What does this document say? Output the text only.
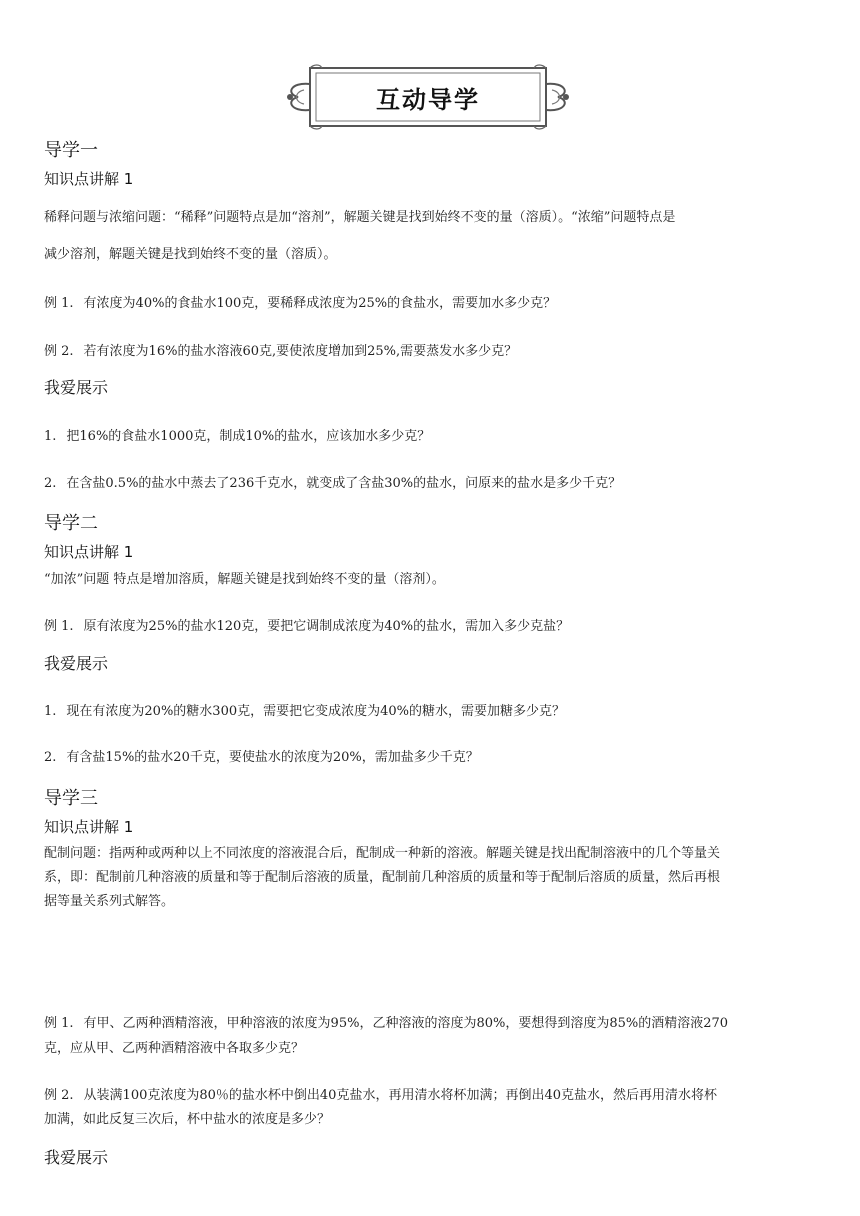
互动导学
导学一
知识点讲解 1
稀释问题与浓缩问题：“稀释”问题特点是加“溶剂”，解题关键是找到始终不变的量（溶质）。“浓缩”问题特点是
减少溶剂，解题关键是找到始终不变的量（溶质）。
例 1. 有浓度为40%的食盐水100克，要稀释成浓度为25%的食盐水，需要加水多少克？
例 2. 若有浓度为16%的盐水溶液60克,要使浓度增加到25%,需要蒸发水多少克？
我爱展示
1. 把16%的食盐水1000克，制成10%的盐水，应该加水多少克？
2. 在含盐0.5%的盐水中蒸去了236千克水，就变成了含盐30%的盐水，问原来的盐水是多少千克？
导学二
知识点讲解 1
“加浓”问题 特点是增加溶质，解题关键是找到始终不变的量（溶剂）。
例 1. 原有浓度为25%的盐水120克，要把它调制成浓度为40%的盐水，需加入多少克盐？
我爱展示
1. 现在有浓度为20%的糖水300克，需要把它变成浓度为40%的糖水，需要加糖多少克？
2. 有含盐15%的盐水20千克，要使盐水的浓度为20%，需加盐多少千克？
导学三
知识点讲解 1
配制问题：指两种或两种以上不同浓度的溶液混合后，配制成一种新的溶液。解题关键是找出配制溶液中的几个等量关
系，即：配制前几种溶液的质量和等于配制后溶液的质量，配制前几种溶质的质量和等于配制后溶质的质量，然后再根
据等量关系列式解答。
例 1. 有甲、乙两种酒精溶液，甲种溶液的浓度为95%，乙种溶液的溶度为80%，要想得到溶度为85%的酒精溶液270
克，应从甲、乙两种酒精溶液中各取多少克？
例 2. 从装满100克浓度为80％的盐水杯中倒出40克盐水，再用清水将杯加满；再倒出40克盐水，然后再用清水将杯
加满，如此反复三次后，杯中盐水的浓度是多少？
我爱展示
